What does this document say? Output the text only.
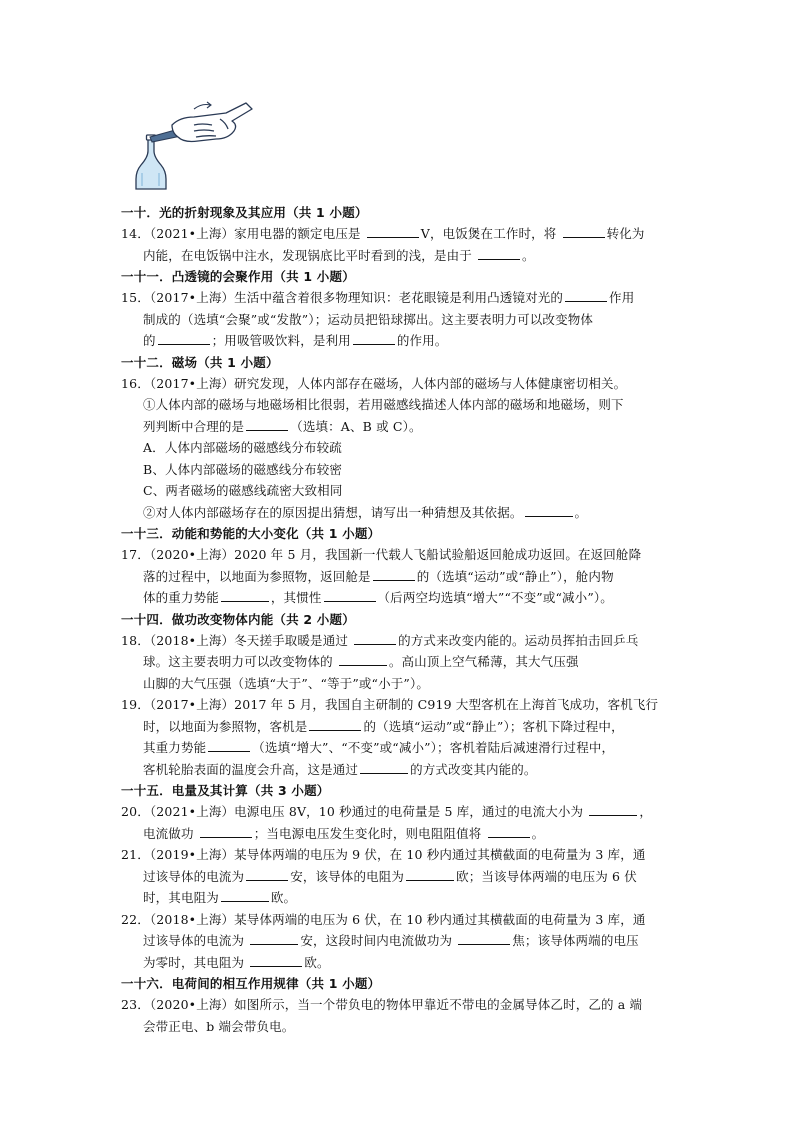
一十．光的折射现象及其应用（共 1 小题）
14．（2021•上海）家用电器的额定电压是	V，电饭煲在工作时，将	转化为
内能，在电饭锅中注水，发现锅底比平时看到的浅，是由于	。
一十一．凸透镜的会聚作用（共 1 小题）
15．（2017•上海）生活中蕴含着很多物理知识：老花眼镜是利用凸透镜对光的	作用
制成的（选填“会聚”或“发散”）；运动员把铅球掷出。这主要表明力可以改变物体
的	；用吸管吸饮料，是利用	的作用。
一十二．磁场（共 1 小题）
16．（2017•上海）研究发现，人体内部存在磁场，人体内部的磁场与人体健康密切相关。
①人体内部的磁场与地磁场相比很弱，若用磁感线描述人体内部的磁场和地磁场，则下
列判断中合理的是	（选填：A、B 或 C）。
A．人体内部磁场的磁感线分布较疏
B、人体内部磁场的磁感线分布较密
C、两者磁场的磁感线疏密大致相同
②对人体内部磁场存在的原因提出猜想，请写出一种猜想及其依据。	。
一十三．动能和势能的大小变化（共 1 小题）
17．（2020•上海）2020 年 5 月，我国新一代载人飞船试验船返回舱成功返回。在返回舱降
落的过程中，以地面为参照物，返回舱是	的（选填“运动”或“静止”），舱内物
体的重力势能	，其惯性	（后两空均选填“增大”“不变”或“减小”）。
一十四．做功改变物体内能（共 2 小题）
18．（2018•上海）冬天搓手取暖是通过	的方式来改变内能的。运动员挥拍击回乒乓
球。这主要表明力可以改变物体的	。高山顶上空气稀薄，其大气压强
山脚的大气压强（选填“大于”、“等于”或“小于”）。
19．（2017•上海）2017 年 5 月，我国自主研制的 C919 大型客机在上海首飞成功，客机飞行
时，以地面为参照物，客机是	的（选填“运动”或“静止”）；客机下降过程中，
其重力势能	（选填“增大”、“不变”或“减小”）；客机着陆后减速滑行过程中，
客机轮胎表面的温度会升高，这是通过	的方式改变其内能的。
一十五．电量及其计算（共 3 小题）
20．（2021•上海）电源电压 8V，10 秒通过的电荷量是 5 库，通过的电流大小为	，
电流做功	；当电源电压发生变化时，则电阻阻值将	。
21．（2019•上海）某导体两端的电压为 9 伏，在 10 秒内通过其横截面的电荷量为 3 库，通
过该导体的电流为	安，该导体的电阻为	欧；当该导体两端的电压为 6 伏
时，其电阻为	欧。
22．（2018•上海）某导体两端的电压为 6 伏，在 10 秒内通过其横截面的电荷量为 3 库，通
过该导体的电流为	安，这段时间内电流做功为	焦；该导体两端的电压
为零时，其电阻为	欧。
一十六．电荷间的相互作用规律（共 1 小题）
23．（2020•上海）如图所示，当一个带负电的物体甲靠近不带电的金属导体乙时，乙的 a 端
会带正电、b 端会带负电。
